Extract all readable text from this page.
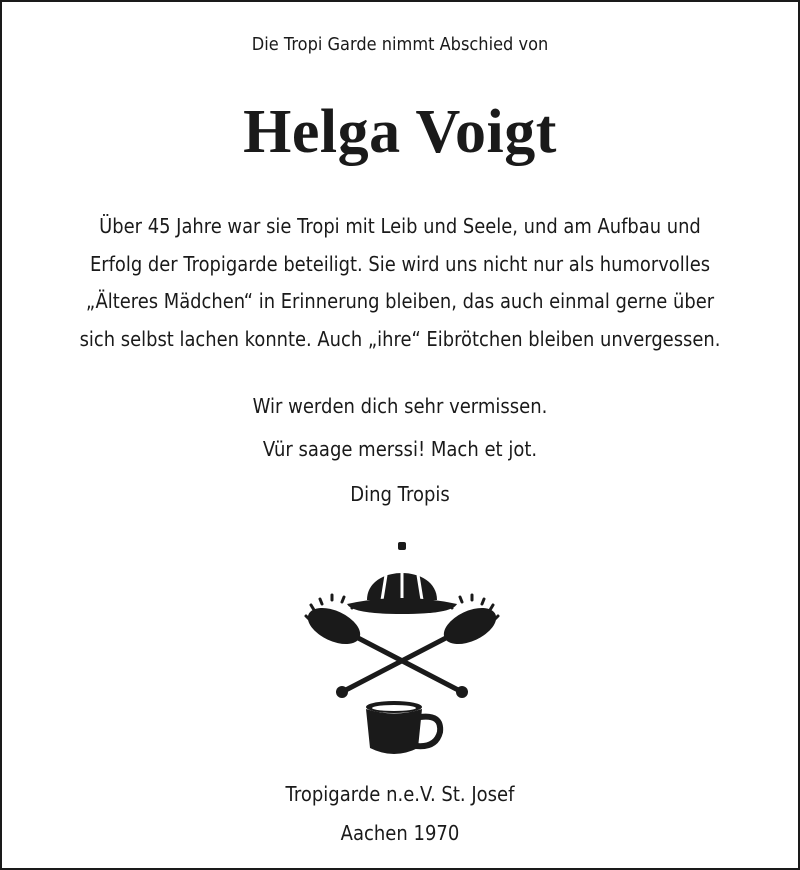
Die Tropi Garde nimmt Abschied von
Helga Voigt
Über 45 Jahre war sie Tropi mit Leib und Seele, und am Aufbau und
Erfolg der Tropigarde beteiligt. Sie wird uns nicht nur als humorvolles
„Älteres Mädchen“ in Erinnerung bleiben, das auch einmal gerne über
sich selbst lachen konnte. Auch „ihre“ Eibrötchen bleiben unvergessen.
Wir werden dich sehr vermissen.
Vür saage merssi! Mach et jot.
Ding Tropis
Tropigarde n.e.V. St. Josef
Aachen 1970
